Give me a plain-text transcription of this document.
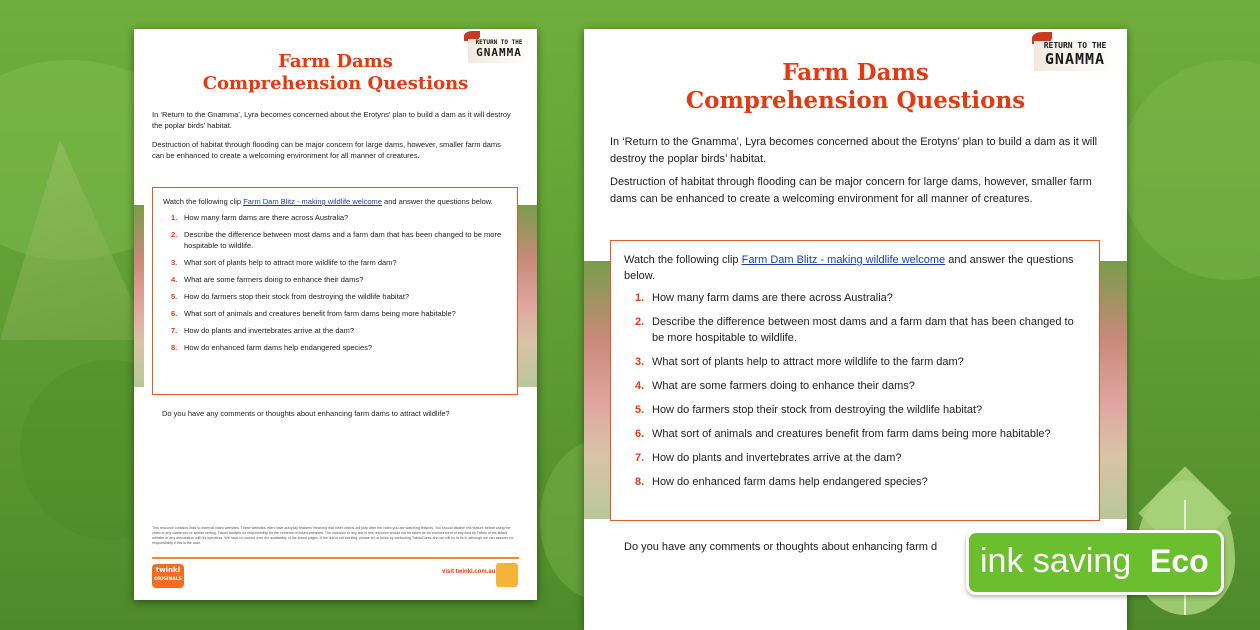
RETURN TO THE
GNAMMA
Farm Dams
Comprehension Questions

In ‘Return to the Gnamma’, Lyra becomes concerned about the Erotyns’ plan to build a dam as it will destroy the poplar birds’ habitat.

Destruction of habitat through flooding can be major concern for large dams, however, smaller farm dams can be enhanced to create a welcoming environment for all manner of creatures.

Watch the following clip Farm Dam Blitz - making wildlife welcome and answer the questions below.

1. How many farm dams are there across Australia?
2. Describe the difference between most dams and a farm dam that has been changed to be more hospitable to wildlife.
3. What sort of plants help to attract more wildlife to the farm dam?
4. What are some farmers doing to enhance their dams?
5. How do farmers stop their stock from destroying the wildlife habitat?
6. What sort of animals and creatures benefit from farm dams being more habitable?
7. How do plants and invertebrates arrive at the dam?
8. How do enhanced farm dams help endangered species?

Do you have any comments or thoughts about enhancing farm dams to attract wildlife?

This resource contains links to external video websites. These websites often have autoplay features meaning that other videos will play after the video you are watching finishes. You should disable this feature before using the video in any classroom or similar setting. Twinkl accepts no responsibility for the contents of linked websites. The inclusion of any link in this resource should not be taken as an endorsement of any kind by Twinkl of the linked website or any association with its operators. We have no control over the availability of the linked pages. If the link is not working, please let us know by contacting TwinklCares and we will try to fix it, although we can assume no responsibility if this is the case.

twinkl
ORIGINALS
visit twinkl.com.au
RETURN TO THE
GNAMMA
Farm Dams
Comprehension Questions

In ‘Return to the Gnamma’, Lyra becomes concerned about the Erotyns’ plan to build a dam as it will destroy the poplar birds’ habitat.

Destruction of habitat through flooding can be major concern for large dams, however, smaller farm dams can be enhanced to create a welcoming environment for all manner of creatures.

Watch the following clip Farm Dam Blitz - making wildlife welcome and answer the questions below.

1. How many farm dams are there across Australia?
2. Describe the difference between most dams and a farm dam that has been changed to be more hospitable to wildlife.
3. What sort of plants help to attract more wildlife to the farm dam?
4. What are some farmers doing to enhance their dams?
5. How do farmers stop their stock from destroying the wildlife habitat?
6. What sort of animals and creatures benefit from farm dams being more habitable?
7. How do plants and invertebrates arrive at the dam?
8. How do enhanced farm dams help endangered species?

Do you have any comments or thoughts about enhancing farm d	ink saving Eco
